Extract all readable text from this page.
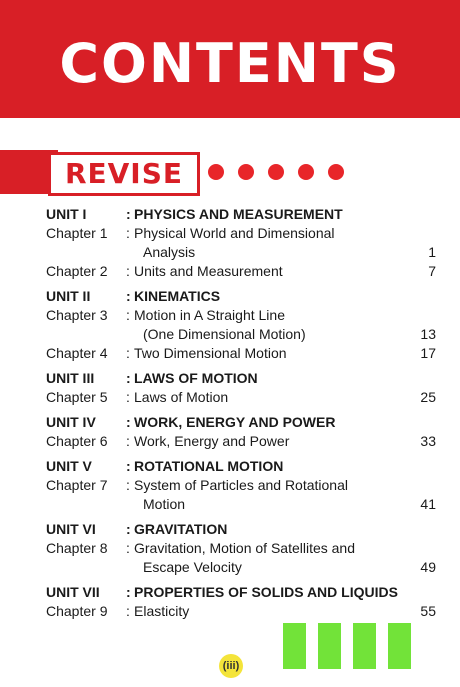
CONTENTS
REVISE
UNIT I	: PHYSICS AND MEASUREMENT
Chapter 1 : Physical World and Dimensional
Analysis	1
Chapter 2 : Units and Measurement	7
UNIT II	: KINEMATICS
Chapter 3 : Motion in A Straight Line
(One Dimensional Motion)	13
Chapter 4 : Two Dimensional Motion	17
UNIT III : LAWS OF MOTION
Chapter 5 : Laws of Motion	25
UNIT IV : WORK, ENERGY AND POWER
Chapter 6 : Work, Energy and Power	33
UNIT V : ROTATIONAL MOTION
Chapter 7 : System of Particles and Rotational
Motion	41
UNIT VI : GRAVITATION
Chapter 8 : Gravitation, Motion of Satellites and
Escape Velocity	49
UNIT VII : PROPERTIES OF SOLIDS AND LIQUIDS
Chapter 9 : Elasticity	55
(iii)
